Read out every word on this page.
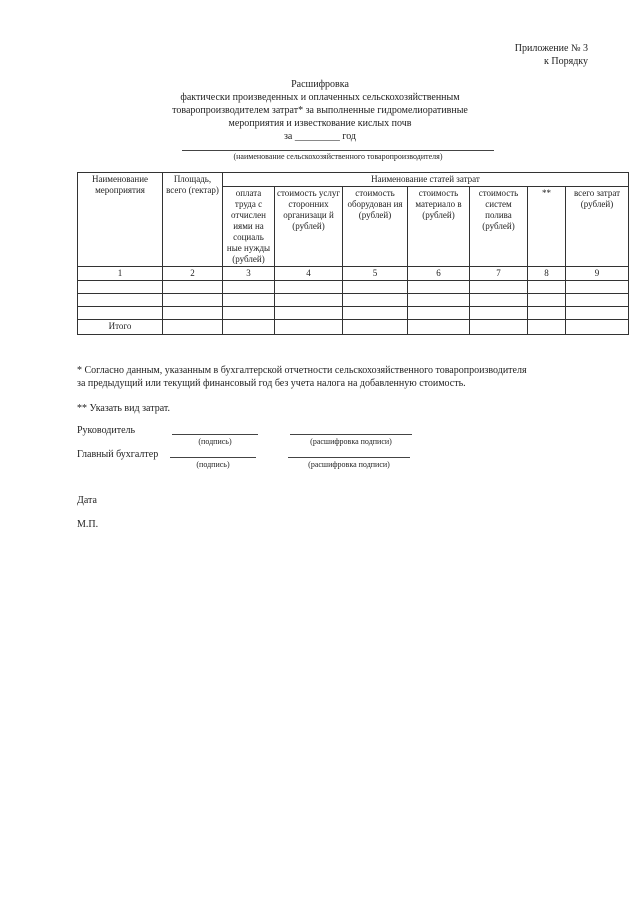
Приложение № 3
к Порядку
Расшифровка
фактически произведенных и оплаченных сельскохозяйственным
товаропроизводителем затрат* за выполненные гидромелиоративные
мероприятия и известкование кислых почв
за _________ год
(наименование сельскохозяйственного товаропроизводителя)
Наименование мероприятия	Площадь, всего (гектар)	Наименование статей затрат						
		оплата труда с отчислен иями на социаль ные нужды (рублей)	стоимость услуг сторонних организаци й (рублей)	стоимость оборудован ия (рублей)	стоимость материало в (рублей)	стоимость систем полива (рублей)	**	всего затрат (рублей)
1	2	3	4	5	6	7	8	9

Итого								
* Согласно данным, указанным в бухгалтерской отчетности сельскохозяйственного товаропроизводителя
за предыдущий или текущий финансовый год без учета налога на добавленную стоимость.
** Указать вид затрат.
Руководитель
(подпись)	(расшифровка подписи)
Главный бухгалтер
(подпись)	(расшифровка подписи)
Дата
М.П.
